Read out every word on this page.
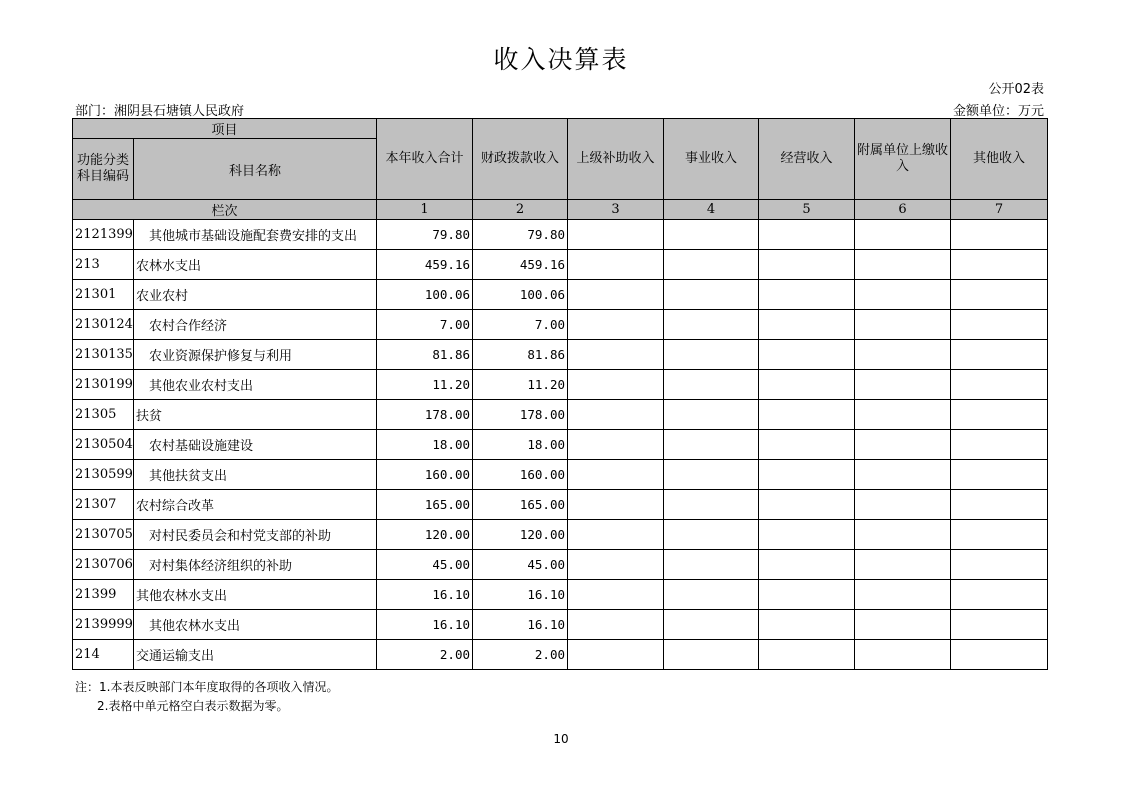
收入决算表
公开02表
部门：湘阴县石塘镇人民政府	金额单位：万元
项目		本年收入合计	财政拨款收入	上级补助收入	事业收入	经营收入	附属单位上缴收入	其他收入
功能分类科目编码	科目名称							
栏次		1	2	3	4	5	6	7
2121399	其他城市基础设施配套费安排的支出	79.80	79.80					
213	农林水支出	459.16	459.16					
21301	农业农村	100.06	100.06					
2130124	农村合作经济	7.00	7.00					
2130135	农业资源保护修复与利用	81.86	81.86					
2130199	其他农业农村支出	11.20	11.20					
21305	扶贫	178.00	178.00					
2130504	农村基础设施建设	18.00	18.00					
2130599	其他扶贫支出	160.00	160.00					
21307	农村综合改革	165.00	165.00					
2130705	对村民委员会和村党支部的补助	120.00	120.00					
2130706	对村集体经济组织的补助	45.00	45.00					
21399	其他农林水支出	16.10	16.10					
2139999	其他农林水支出	16.10	16.10					
214	交通运输支出	2.00	2.00					
注：1.本表反映部门本年度取得的各项收入情况。
2.表格中单元格空白表示数据为零。
10
